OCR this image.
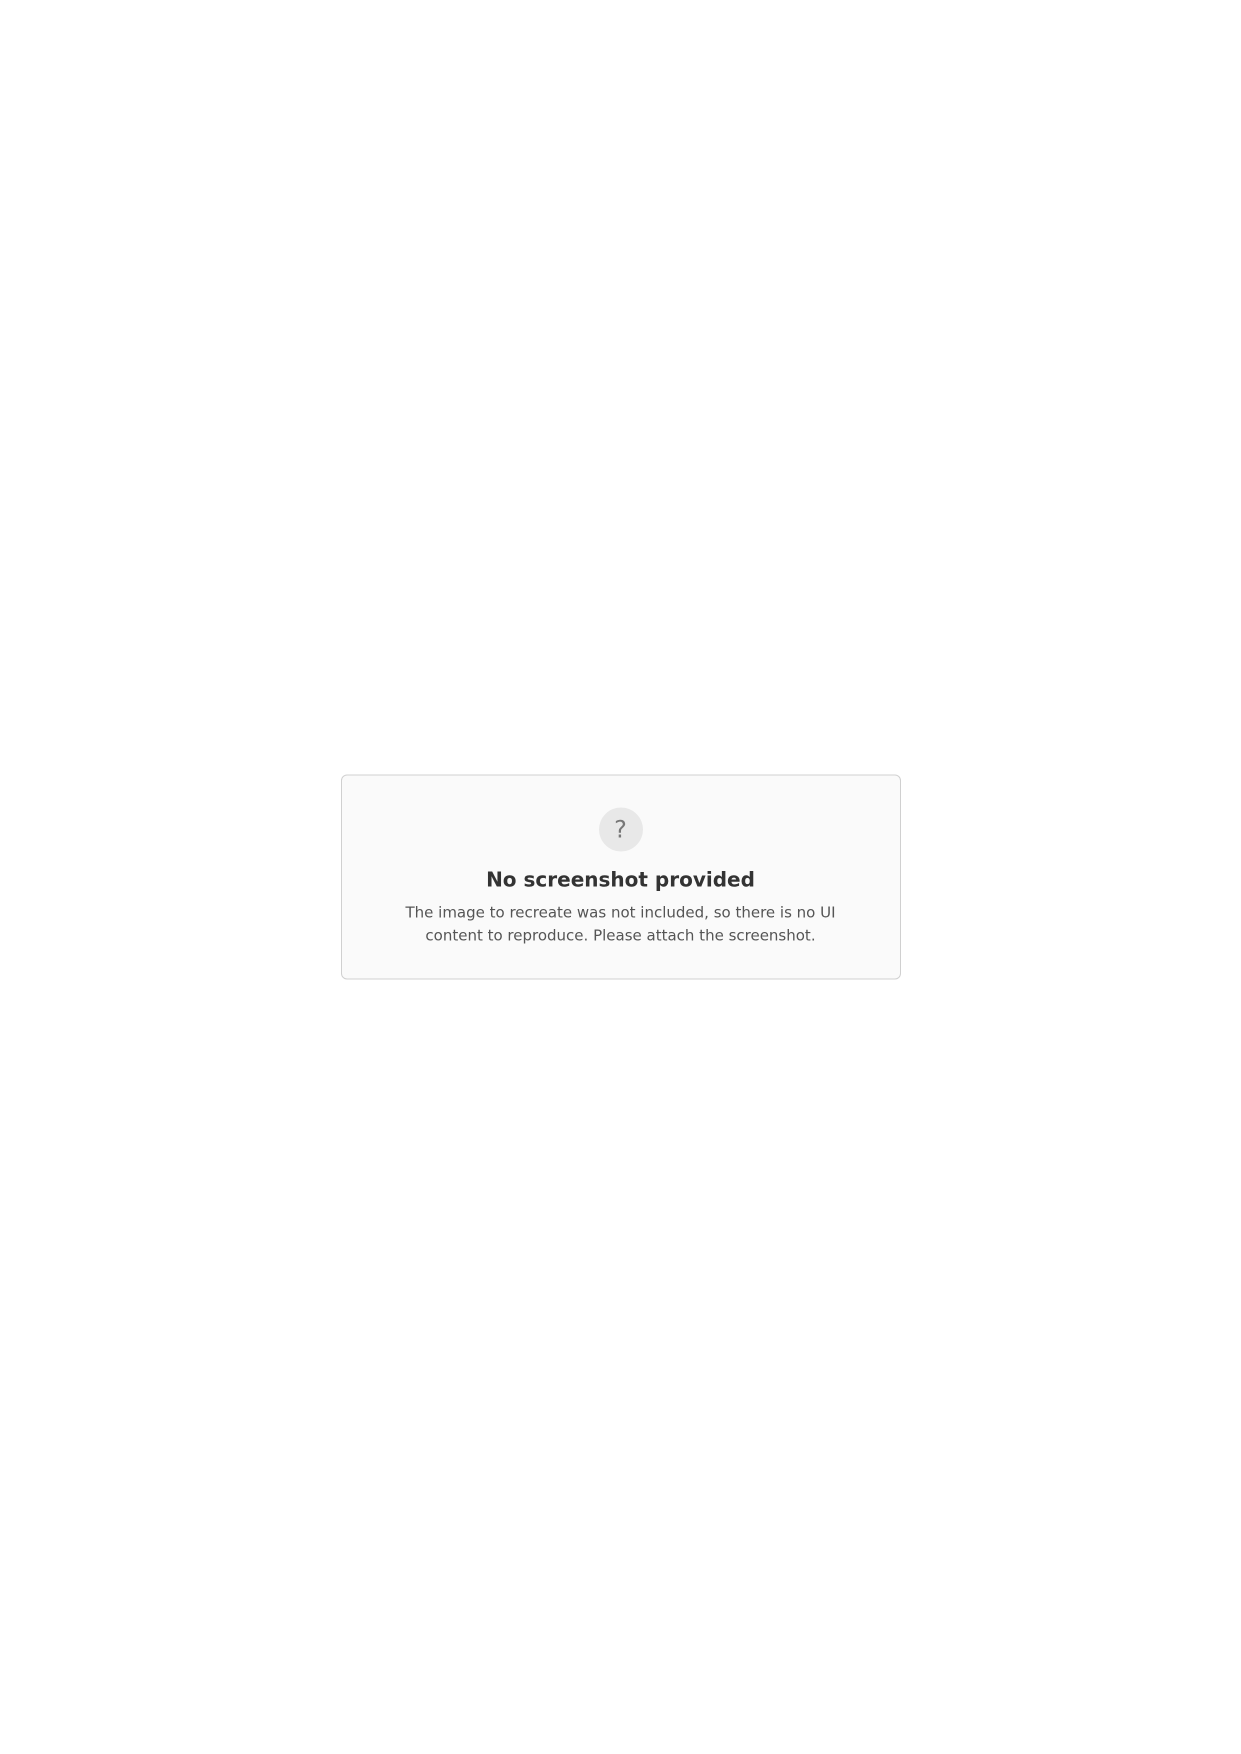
?
No screenshot provided
The image to recreate was not included, so there is no UI content to reproduce. Please attach the screenshot.
